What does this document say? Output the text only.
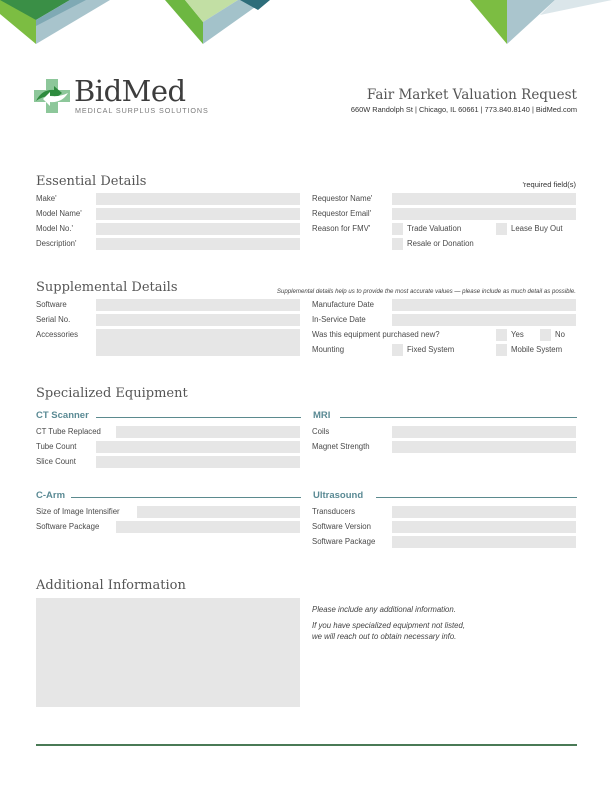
BidMed
MEDICAL SURPLUS SOLUTIONS
Fair Market Valuation Request
660W Randolph St | Chicago, IL 60661 | 773.840.8140 | BidMed.com
Essential Details	'required field(s)
Make'
Model Name'
Model No.'
Description'
Requestor Name'
Requestor Email'
Reason for FMV'	Trade Valuation	Lease Buy Out
Resale or Donation
Supplemental Details	Supplemental details help us to provide the most accurate values — please include as much detail as possible.
Software
Serial No.
Accessories
Manufacture Date
In-Service Date
Was this equipment purchased new?	Yes	No
Mounting	Fixed System	Mobile System
Specialized Equipment
CT Scanner
CT Tube Replaced
Tube Count
Slice Count
MRI
Coils
Magnet Strength
C-Arm
Size of Image Intensifier
Software Package
Ultrasound
Transducers
Software Version
Software Package
Additional Information
Please include any additional information.
If you have specialized equipment not listed,
we will reach out to obtain necessary info.
